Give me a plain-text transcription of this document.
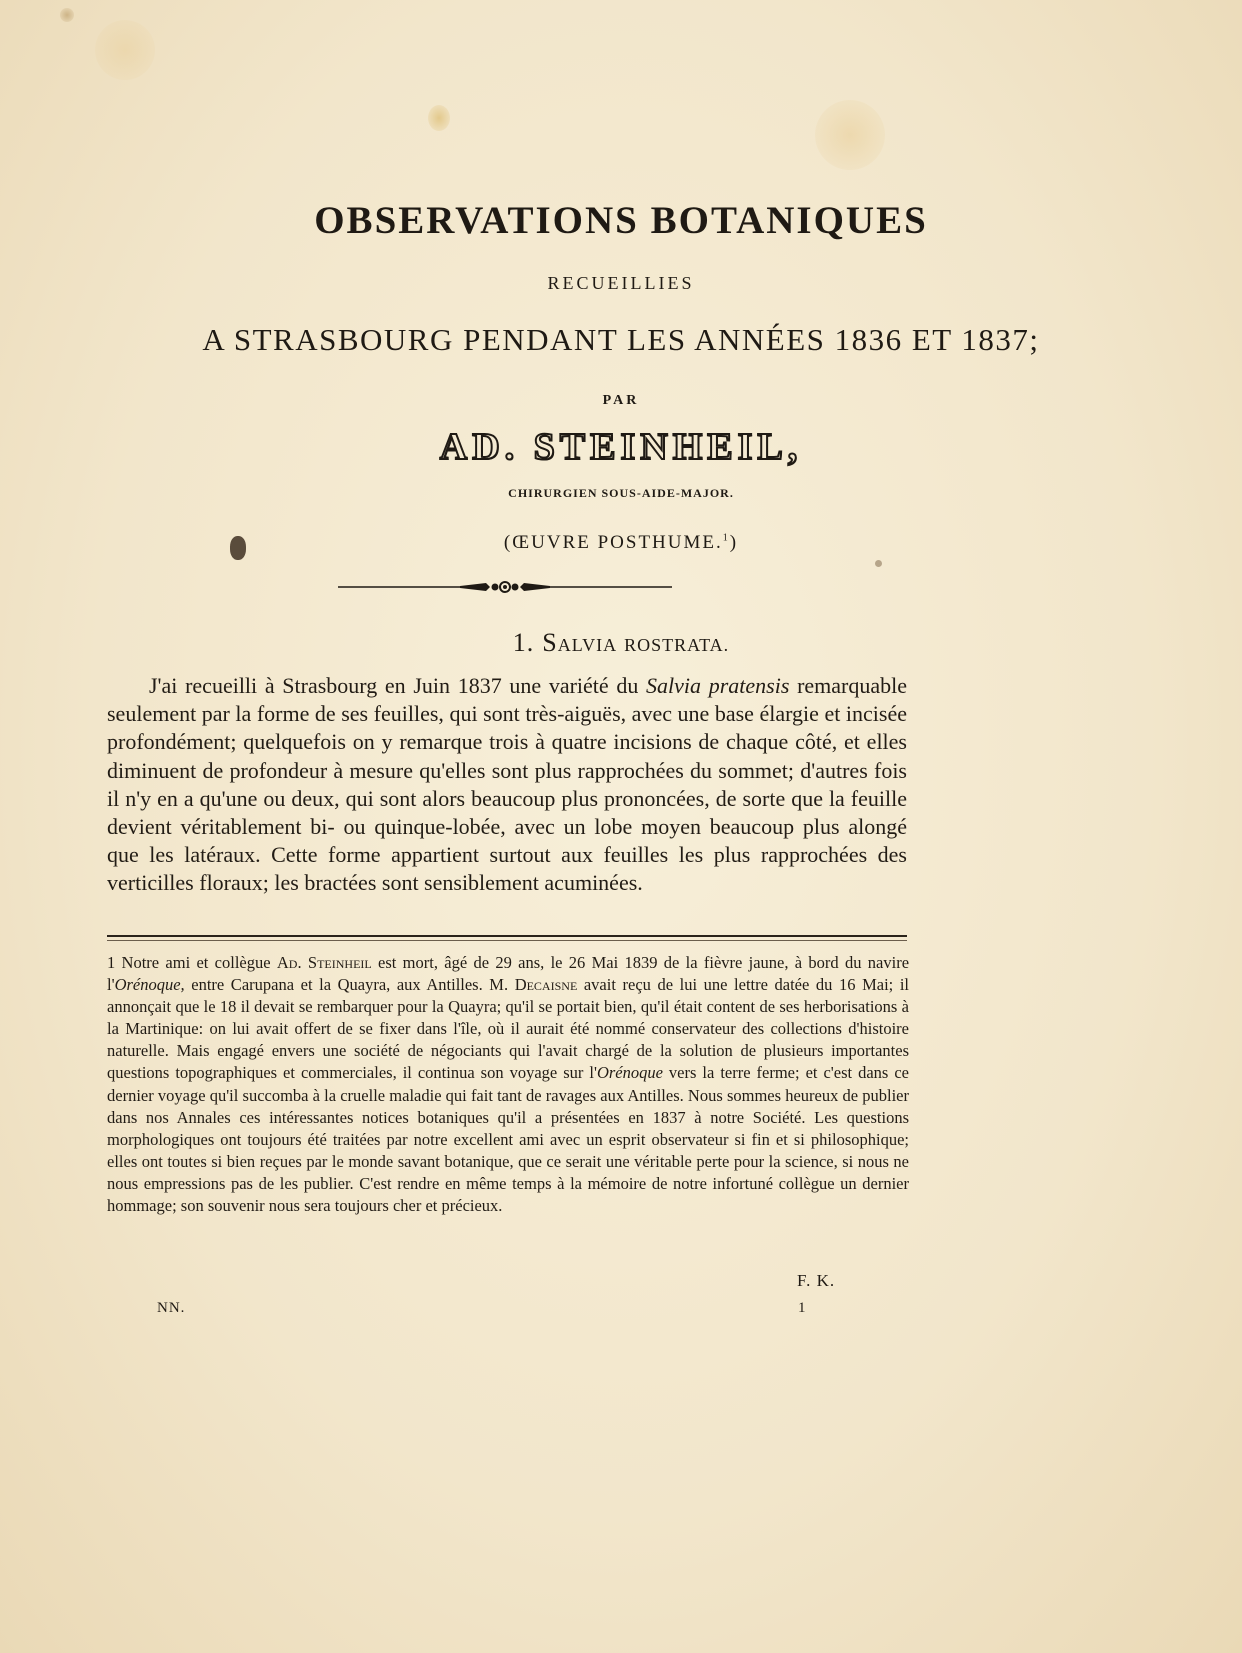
OBSERVATIONS BOTANIQUES
RECUEILLIES
A STRASBOURG PENDANT LES ANNÉES 1836 ET 1837;
PAR
AD. STEINHEIL,
CHIRURGIEN SOUS-AIDE-MAJOR.
(ŒUVRE POSTHUME.$^1$)
1. SALVIA ROSTRATA.
J'ai recueilli à Strasbourg en Juin 1837 une variété du Salvia pratensis remarquable seulement par la forme de ses feuilles, qui sont très-aiguës, avec une base élargie et incisée profondément; quelquefois on y remarque trois à quatre incisions de chaque côté, et elles diminuent de profondeur à mesure qu'elles sont plus rapprochées du sommet; d'autres fois il n'y en a qu'une ou deux, qui sont alors beaucoup plus prononcées, de sorte que la feuille devient véritablement bi- ou quinque-lobée, avec un lobe moyen beaucoup plus alongé que les latéraux. Cette forme appartient surtout aux feuilles les plus rapprochées des verticilles floraux; les bractées sont sensiblement acuminées.
1 Notre ami et collègue Ad. Steinheil est mort, âgé de 29 ans, le 26 Mai 1839 de la fièvre jaune, à bord du navire l'Orénoque, entre Carupana et la Quayra, aux Antilles. M. Decaisne avait reçu de lui une lettre datée du 16 Mai; il annonçait que le 18 il devait se rembarquer pour la Quayra; qu'il se portait bien, qu'il était content de ses herborisations à la Martinique: on lui avait offert de se fixer dans l'île, où il aurait été nommé conservateur des collections d'histoire naturelle. Mais engagé envers une société de négociants qui l'avait chargé de la solution de plusieurs importantes questions topographiques et commerciales, il continua son voyage sur l'Orénoque vers la terre ferme; et c'est dans ce dernier voyage qu'il succomba à la cruelle maladie qui fait tant de ravages aux Antilles. Nous sommes heureux de publier dans nos Annales ces intéressantes notices botaniques qu'il a présentées en 1837 à notre Société. Les questions morphologiques ont toujours été traitées par notre excellent ami avec un esprit observateur si fin et si philosophique; elles ont toutes si bien reçues par le monde savant botanique, que ce serait une véritable perte pour la science, si nous ne nous empressions pas de les publier. C'est rendre en même temps à la mémoire de notre infortuné collègue un dernier hommage; son souvenir nous sera toujours cher et précieux.
F. K.
NN.	1
